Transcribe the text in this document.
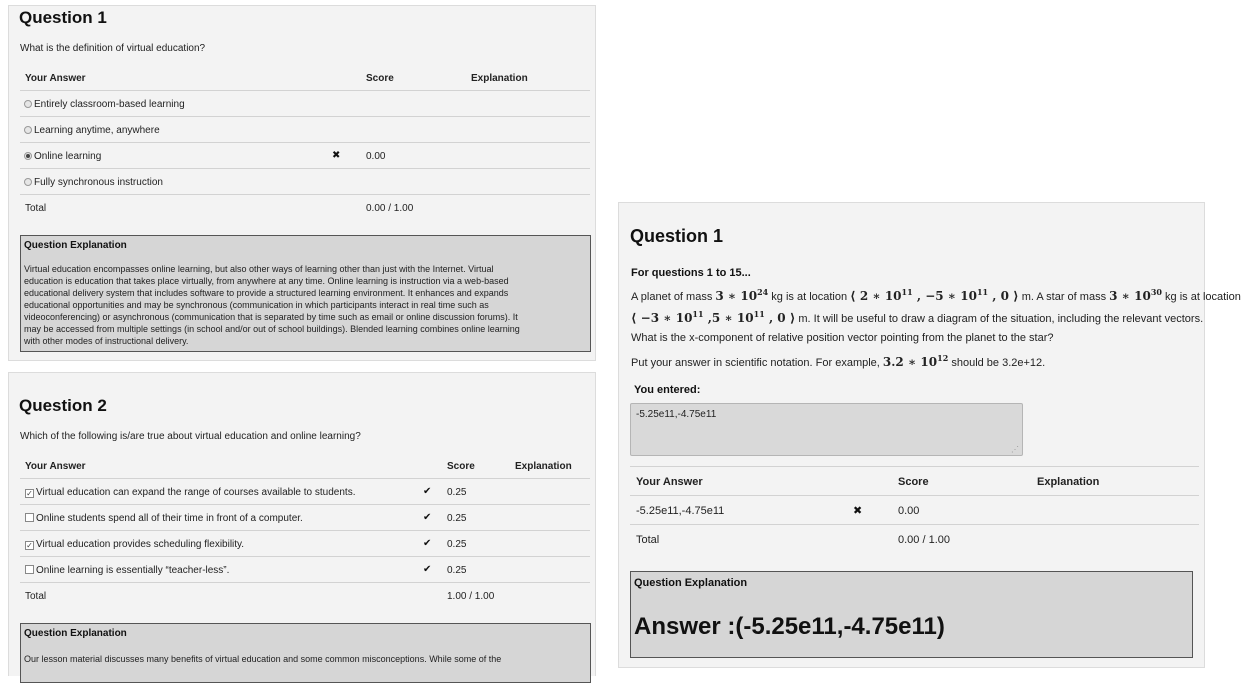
Question 1
What is the definition of virtual education?
Your Answer	Score	Explanation
Entirely classroom-based learning
Learning anytime, anywhere
Online learning	✖	0.00
Fully synchronous instruction
Total	0.00 / 1.00
Question Explanation
Virtual education encompasses online learning, but also other ways of learning other than just with the Internet. Virtual
education is education that takes place virtually, from anywhere at any time. Online learning is instruction via a web-based
educational delivery system that includes software to provide a structured learning environment. It enhances and expands
educational opportunities and may be synchronous (communication in which participants interact in real time such as
videoconferencing) or asynchronous (communication that is separated by time such as email or online discussion forums). It
may be accessed from multiple settings (in school and/or out of school buildings). Blended learning combines online learning
with other modes of instructional delivery.
Question 2
Which of the following is/are true about virtual education and online learning?
Your Answer	Score	Explanation
✓ Virtual education can expand the range of courses available to students.	✔ 0.25
Online students spend all of their time in front of a computer.	✔ 0.25
✓ Virtual education provides scheduling flexibility.	✔ 0.25
Online learning is essentially “teacher-less”.	✔ 0.25
Total	1.00 / 1.00
Question Explanation
Our lesson material discusses many benefits of virtual education and some common misconceptions. While some of the
Question 1
For questions 1 to 15...
A planet of mass 3 ∗ $10^{24}$ kg is at location ⟨ 2 ∗ $10^{11}$ , −5 ∗ $10^{11}$ , 0 ⟩ m. A star of mass 3 ∗ $10^{30}$ kg is at location
⟨ −3 ∗ $10^{11}$ ,5 ∗ $10^{11}$ , 0 ⟩ m. It will be useful to draw a diagram of the situation, including the relevant vectors.
What is the x-component of relative position vector pointing from the planet to the star?
Put your answer in scientific notation. For example, 3.2 ∗ $10^{12}$ should be 3.2e+12.
You entered:
-5.25e11,-4.75e11
⋰
Your Answer	Score	Explanation
-5.25e11,-4.75e11	✖	0.00
Total	0.00 / 1.00
Question Explanation
Answer :(-5.25e11,-4.75e11)
